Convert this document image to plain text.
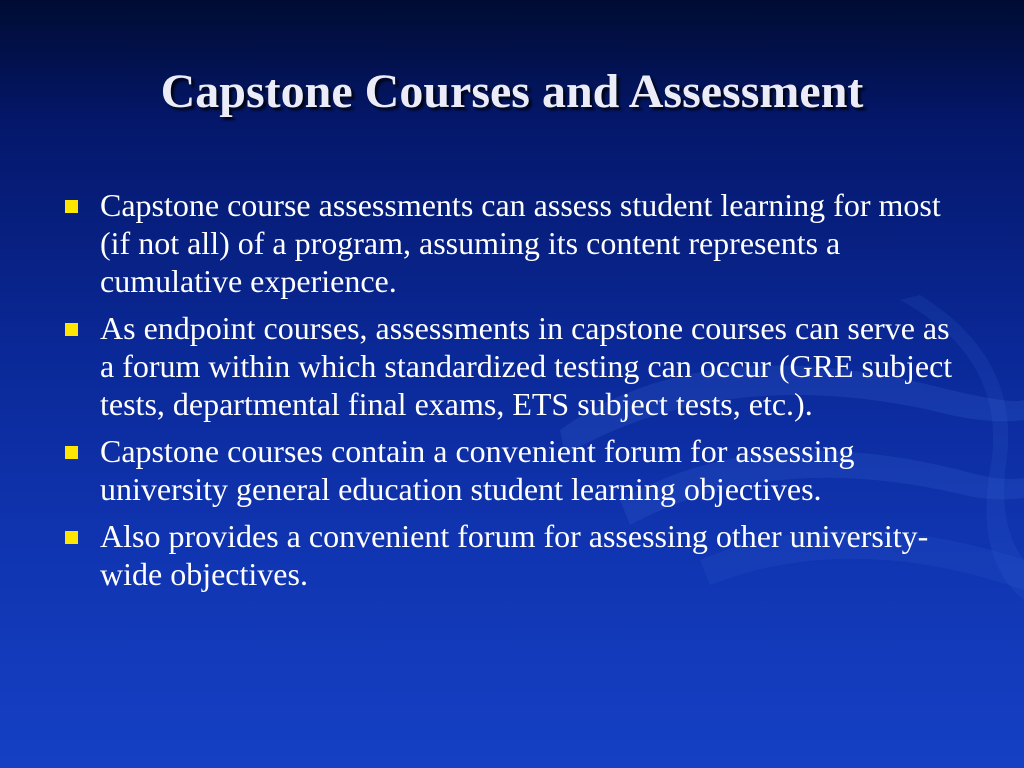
Capstone Courses and Assessment
Capstone course assessments can assess student learning for most (if not all) of a program, assuming its content represents a cumulative experience.
As endpoint courses, assessments in capstone courses can serve as a forum within which standardized testing can occur (GRE subject tests, departmental final exams, ETS subject tests, etc.).
Capstone courses contain a convenient forum for assessing university general education student learning objectives.
Also provides a convenient forum for assessing other university-wide objectives.
